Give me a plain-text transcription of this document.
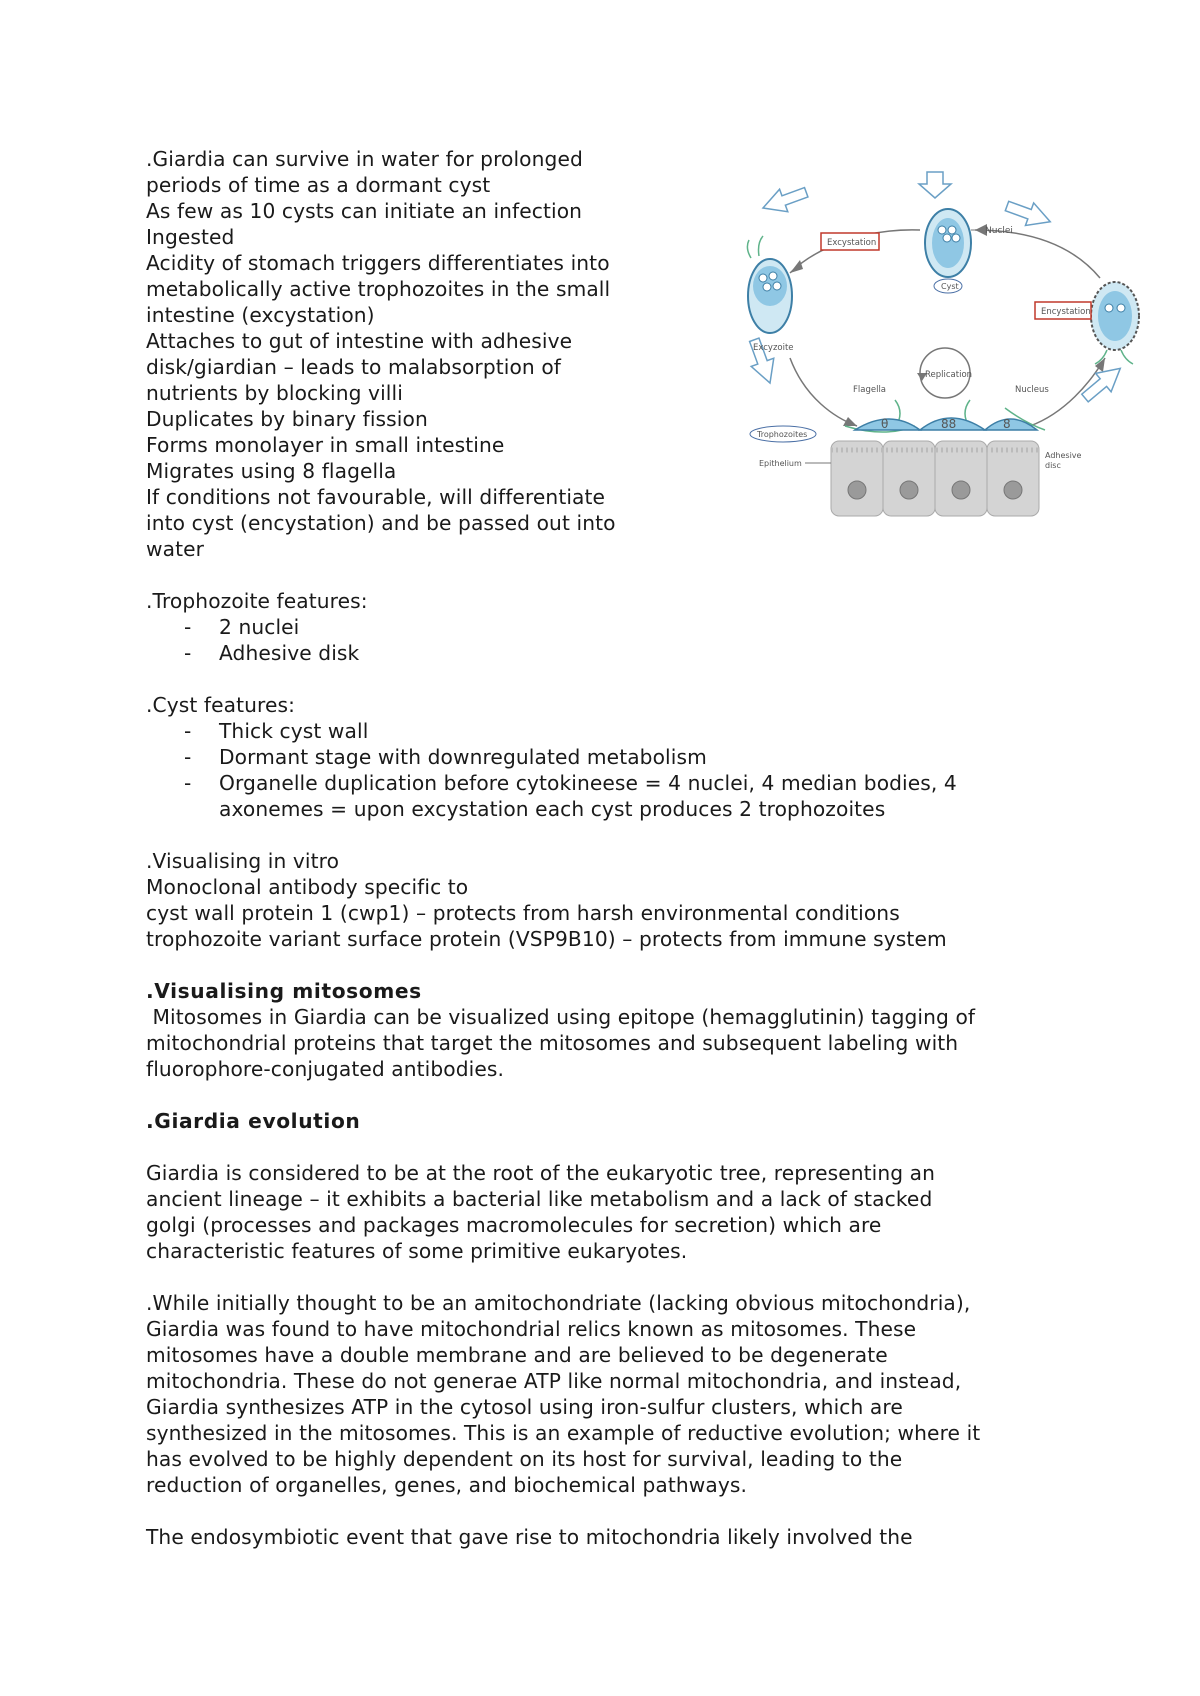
.Giardia can survive in water for prolonged
periods of time as a dormant cyst
As few as 10 cysts can initiate an infection
Ingested
Acidity of stomach triggers differentiates into
metabolically active trophozoites in the small
intestine (excystation)
Attaches to gut of intestine with adhesive
disk/giardian – leads to malabsorption of
nutrients by blocking villi
Duplicates by binary fission
Forms monolayer in small intestine
Migrates using 8 flagella
If conditions not favourable, will differentiate
into cyst (encystation) and be passed out into
water
.Trophozoite features:
- 2 nuclei
- Adhesive disk
.Cyst features:
- Thick cyst wall
- Dormant stage with downregulated metabolism
- Organelle duplication before cytokineese = 4 nuclei, 4 median bodies, 4
axonemes = upon excystation each cyst produces 2 trophozoites
.Visualising in vitro
Monoclonal antibody specific to
cyst wall protein 1 (cwp1) – protects from harsh environmental conditions
trophozoite variant surface protein (VSP9B10) – protects from immune system
.Visualising mitosomes
Mitosomes in Giardia can be visualized using epitope (hemagglutinin) tagging of
mitochondrial proteins that target the mitosomes and subsequent labeling with
fluorophore-conjugated antibodies.
.Giardia evolution
Giardia is considered to be at the root of the eukaryotic tree, representing an
ancient lineage – it exhibits a bacterial like metabolism and a lack of stacked
golgi (processes and packages macromolecules for secretion) which are
characteristic features of some primitive eukaryotes.
.While initially thought to be an amitochondriate (lacking obvious mitochondria),
Giardia was found to have mitochondrial relics known as mitosomes. These
mitosomes have a double membrane and are believed to be degenerate
mitochondria. These do not generae ATP like normal mitochondria, and instead,
Giardia synthesizes ATP in the cytosol using iron-sulfur clusters, which are
synthesized in the mitosomes. This is an example of reductive evolution; where it
has evolved to be highly dependent on its host for survival, leading to the
reduction of organelles, genes, and biochemical pathways.
The endosymbiotic event that gave rise to mitochondria likely involved the
Nuclei
Cyst
Excystation
Excyzoite
Encystation
Replication
Flagella	Nucleus
θ	88	8
Trophozoites
Epithelium
Adhesive
disc
